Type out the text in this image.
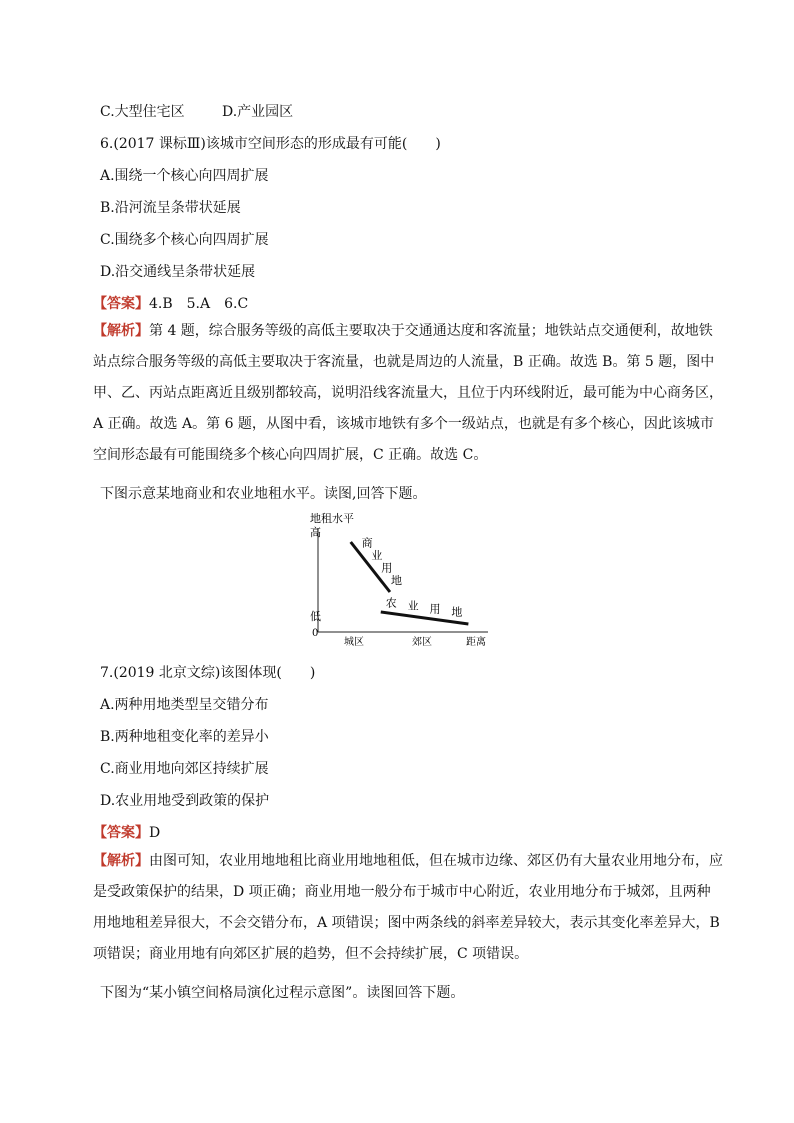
C.大型住宅区	D.产业园区
6.(2017 课标Ⅲ)该城市空间形态的形成最有可能(　　)
A.围绕一个核心向四周扩展
B.沿河流呈条带状延展
C.围绕多个核心向四周扩展
D.沿交通线呈条带状延展
【答案】4.B　5.A　6.C
【解析】第 4 题，综合服务等级的高低主要取决于交通通达度和客流量；地铁站点交通便利，故地铁站点综合服务等级的高低主要取决于客流量，也就是周边的人流量，B 正确。故选 B。第 5 题，图中甲、乙、丙站点距离近且级别都较高，说明沿线客流量大，且位于内环线附近，最可能为中心商务区，A 正确。故选 A。第 6 题，从图中看，该城市地铁有多个一级站点，也就是有多个核心，因此该城市空间形态最有可能围绕多个核心向四周扩展，C 正确。故选 C。
下图示意某地商业和农业地租水平。读图,回答下题。
地租水平
高
低
0
城区	郊区	距离
商
业
用
地
农 业 用 地
7.(2019 北京文综)该图体现(　　)
A.两种用地类型呈交错分布
B.两种地租变化率的差异小
C.商业用地向郊区持续扩展
D.农业用地受到政策的保护
【答案】D
【解析】由图可知，农业用地地租比商业用地地租低，但在城市边缘、郊区仍有大量农业用地分布，应是受政策保护的结果，D 项正确；商业用地一般分布于城市中心附近，农业用地分布于城郊，且两种用地地租差异很大，不会交错分布，A 项错误；图中两条线的斜率差异较大，表示其变化率差异大，B 项错误；商业用地有向郊区扩展的趋势，但不会持续扩展，C 项错误。
下图为“某小镇空间格局演化过程示意图”。读图回答下题。
